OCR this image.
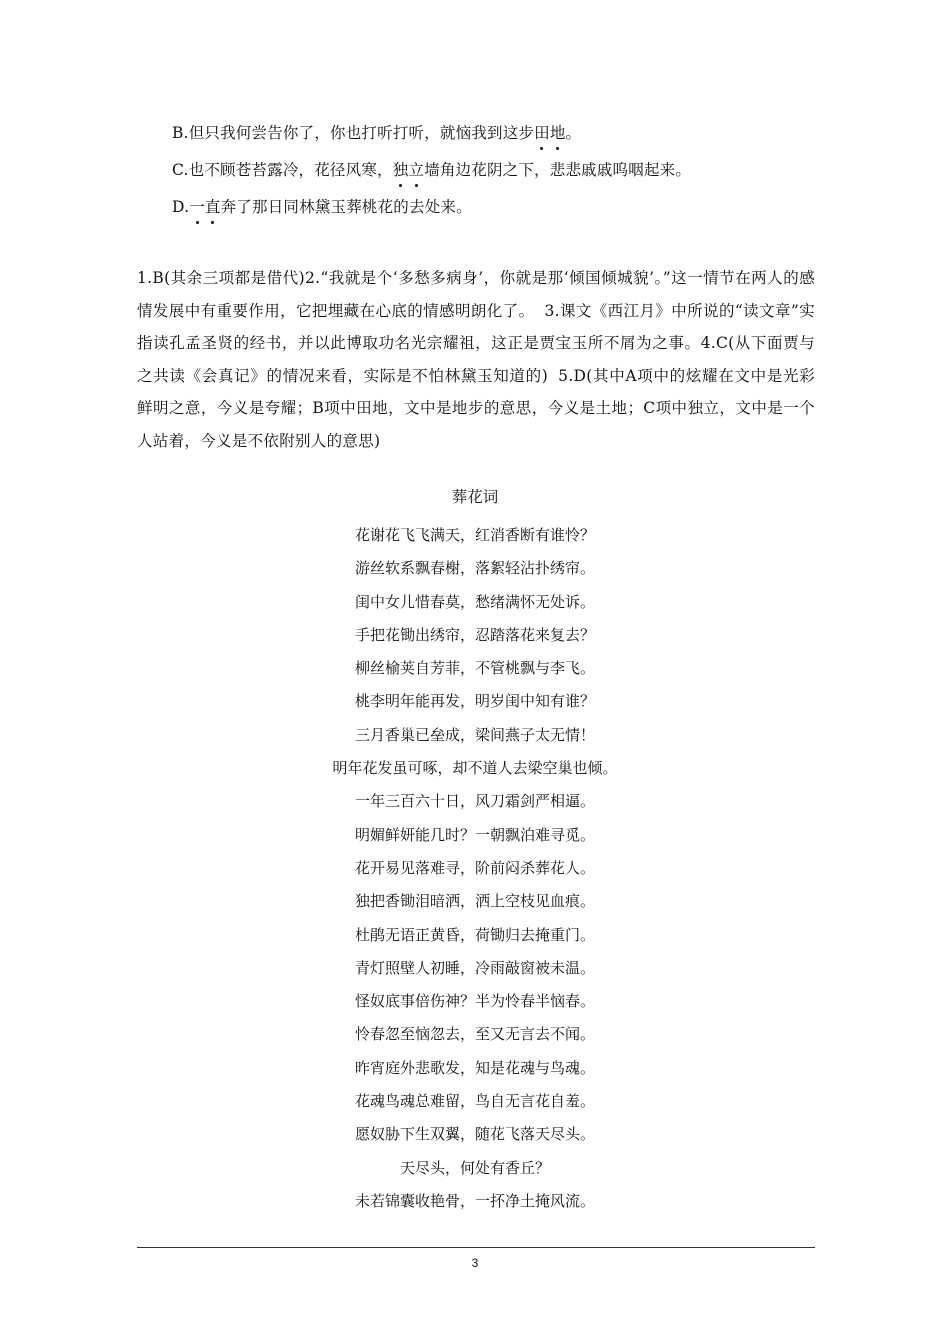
B.但只我何尝告你了，你也打听打听，就恼我到这步田地。
C.也不顾苍苔露冷，花径风寒，独立墙角边花阴之下，悲悲戚戚呜咽起来。
D.一直奔了那日同林黛玉葬桃花的去处来。
1.B(其余三项都是借代)2.“我就是个‘多愁多病身’，你就是那‘倾国倾城貌’。”这一情节在两人的感情发展中有重要作用，它把埋藏在心底的情感明朗化了。 3.课文《西江月》中所说的“读文章”实指读孔孟圣贤的经书，并以此博取功名光宗耀祖，这正是贾宝玉所不屑为之事。4.C(从下面贾与之共读《会真记》的情况来看，实际是不怕林黛玉知道的) 5.D(其中A项中的炫耀在文中是光彩鲜明之意，今义是夸耀；B项中田地，文中是地步的意思，今义是土地；C项中独立，文中是一个人站着，今义是不依附别人的意思)
葬花词
花谢花飞飞满天，红消香断有谁怜？
游丝软系飘春榭，落絮轻沾扑绣帘。
闺中女儿惜春莫，愁绪满怀无处诉。
手把花锄出绣帘，忍踏落花来复去？
柳丝榆荚自芳菲，不管桃飘与李飞。
桃李明年能再发，明岁闺中知有谁？
三月香巢已垒成，梁间燕子太无情！
明年花发虽可啄，却不道人去梁空巢也倾。
一年三百六十日，风刀霜剑严相逼。
明媚鲜妍能几时？一朝飘泊难寻觅。
花开易见落难寻，阶前闷杀葬花人。
独把香锄泪暗洒，洒上空枝见血痕。
杜鹃无语正黄昏，荷锄归去掩重门。
青灯照壁人初睡，冷雨敲窗被未温。
怪奴底事倍伤神？半为怜春半恼春。
怜春忽至恼忽去，至又无言去不闻。
昨宵庭外悲歌发，知是花魂与鸟魂。
花魂鸟魂总难留，鸟自无言花自羞。
愿奴胁下生双翼，随花飞落天尽头。
天尽头，何处有香丘？
未若锦囊收艳骨，一抔净土掩风流。
3
